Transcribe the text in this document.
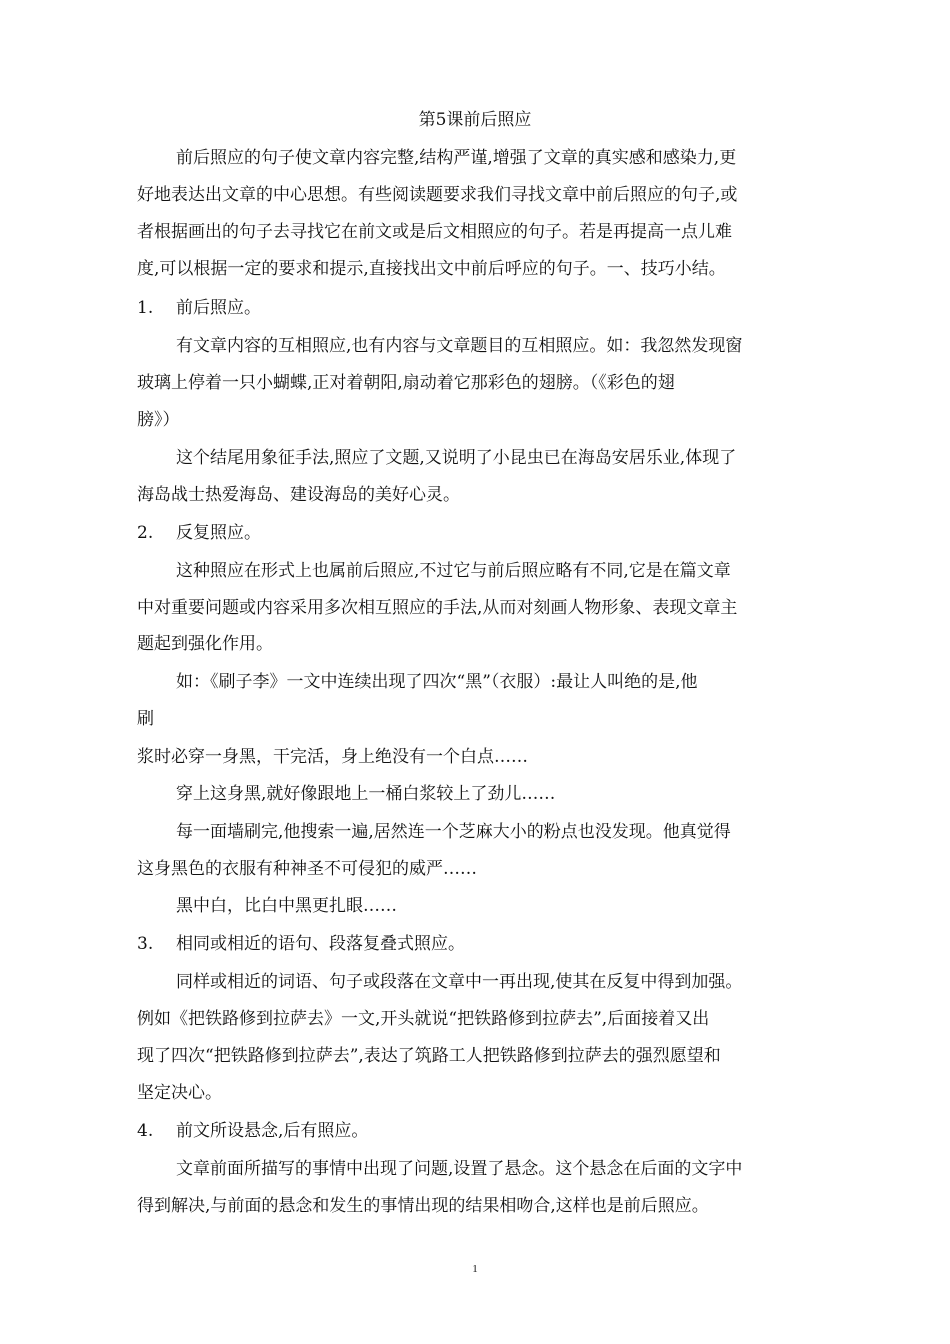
第5课前后照应
前后照应的句子使文章内容完整,结构严谨,增强了文章的真实感和感染力,更
好地表达出文章的中心思想。有些阅读题要求我们寻找文章中前后照应的句子,或
者根据画出的句子去寻找它在前文或是后文相照应的句子。若是再提高一点儿难
度,可以根据一定的要求和提示,直接找出文中前后呼应的句子。一、技巧小结。
1. 前后照应。
有文章内容的互相照应,也有内容与文章题目的互相照应。如：我忽然发现窗
玻璃上停着一只小蝴蝶,正对着朝阳,扇动着它那彩色的翅膀。（《彩色的翅
膀》）
这个结尾用象征手法,照应了文题,又说明了小昆虫已在海岛安居乐业,体现了
海岛战士热爱海岛、建设海岛的美好心灵。
2. 反复照应。
这种照应在形式上也属前后照应,不过它与前后照应略有不同,它是在篇文章
中对重要问题或内容采用多次相互照应的手法,从而对刻画人物形象、表现文章主
题起到强化作用。
如：《刷子李》一文中连续出现了四次“黑”（衣服）:最让人叫绝的是,他
刷
浆时必穿一身黑，干完活，身上绝没有一个白点……
穿上这身黑,就好像跟地上一桶白浆较上了劲儿……
每一面墙刷完,他搜索一遍,居然连一个芝麻大小的粉点也没发现。他真觉得
这身黑色的衣服有种神圣不可侵犯的威严……
黑中白，比白中黑更扎眼……
3. 相同或相近的语句、段落复叠式照应。
同样或相近的词语、句子或段落在文章中一再出现,使其在反复中得到加强。
例如《把铁路修到拉萨去》一文,开头就说“把铁路修到拉萨去”,后面接着又出
现了四次“把铁路修到拉萨去”,表达了筑路工人把铁路修到拉萨去的强烈愿望和
坚定决心。
4. 前文所设悬念,后有照应。
文章前面所描写的事情中出现了问题,设置了悬念。这个悬念在后面的文字中
得到解决,与前面的悬念和发生的事情出现的结果相吻合,这样也是前后照应。
1
